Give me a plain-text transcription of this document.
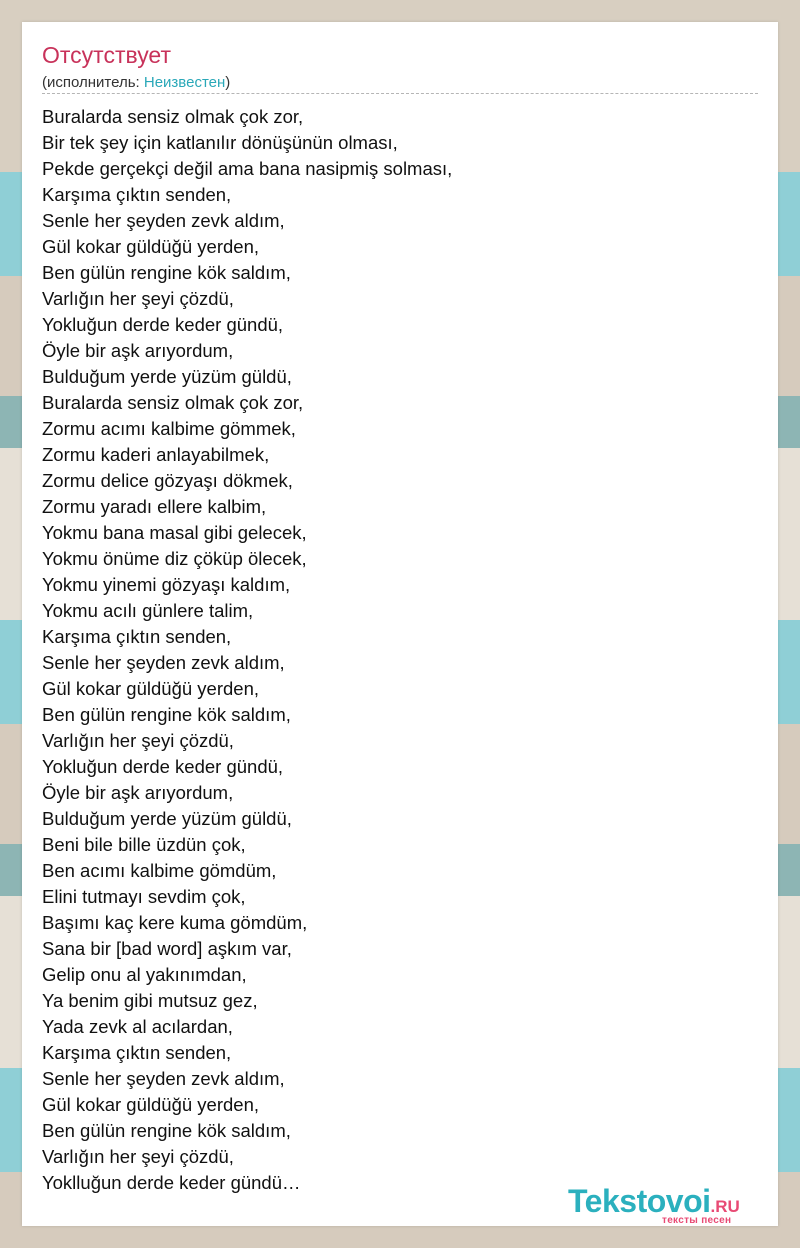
Отсутствует
(исполнитель: Неизвестен)
Buralarda sensiz olmak çok zor,
Bir tek şey için katlanılır dönüşünün olması,
Pekde gerçekçi değil ama bana nasipmiş solması,
Karşıma çıktın senden,
Senle her şeyden zevk aldım,
Gül kokar güldüğü yerden,
Ben gülün rengine kök saldım,
Varlığın her şeyi çözdü,
Yokluğun derde keder gündü,
Öyle bir aşk arıyordum,
Bulduğum yerde yüzüm güldü,
Buralarda sensiz olmak çok zor,
Zormu acımı kalbime gömmek,
Zormu kaderi anlayabilmek,
Zormu delice gözyaşı dökmek,
Zormu yaradı ellere kalbim,
Yokmu bana masal gibi gelecek,
Yokmu önüme diz çöküp ölecek,
Yokmu yinemi gözyaşı kaldım,
Yokmu acılı günlere talim,
Karşıma çıktın senden,
Senle her şeyden zevk aldım,
Gül kokar güldüğü yerden,
Ben gülün rengine kök saldım,
Varlığın her şeyi çözdü,
Yokluğun derde keder gündü,
Öyle bir aşk arıyordum,
Bulduğum yerde yüzüm güldü,
Beni bile bille üzdün çok,
Ben acımı kalbime gömdüm,
Elini tutmayı sevdim çok,
Başımı kaç kere kuma gömdüm,
Sana bir [bad word] aşkım var,
Gelip onu al yakınımdan,
Ya benim gibi mutsuz gez,
Yada zevk al acılardan,
Karşıma çıktın senden,
Senle her şeyden zevk aldım,
Gül kokar güldüğü yerden,
Ben gülün rengine kök saldım,
Varlığın her şeyi çözdü,
Yoklluğun derde keder gündü…
Tekstovoi.RU
тексты песен
